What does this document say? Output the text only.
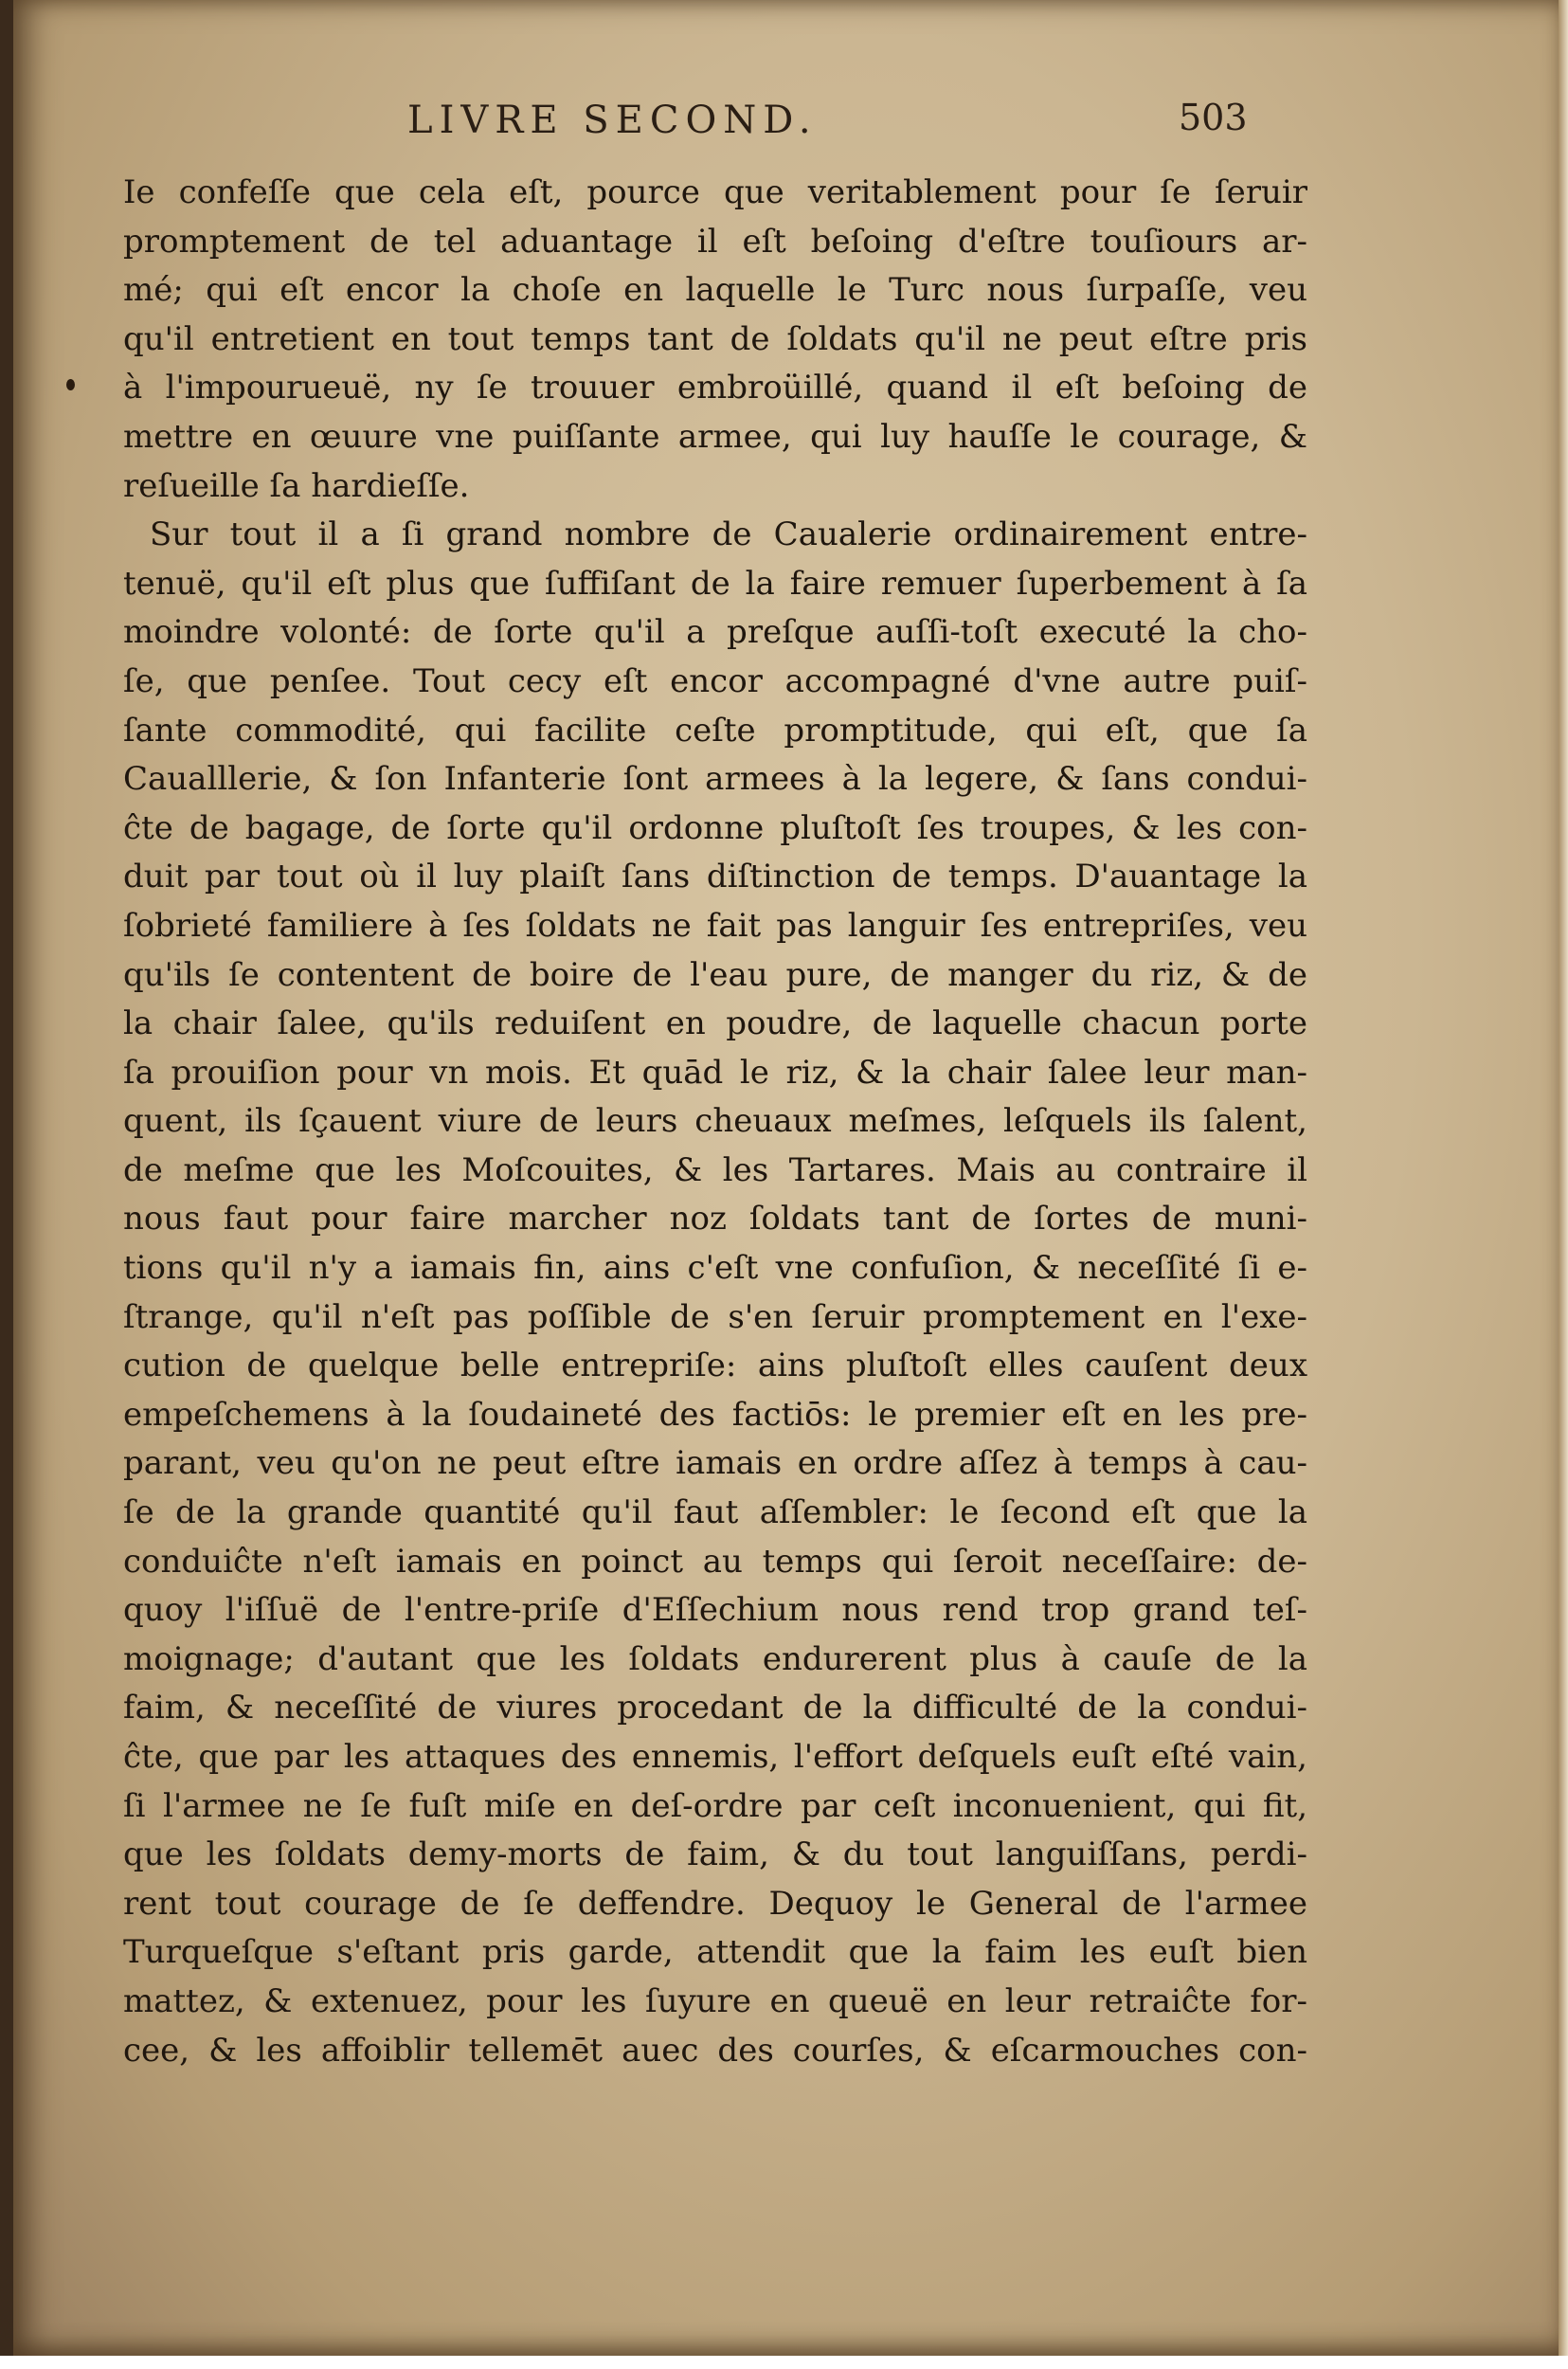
LIVRE SECOND.	503
Ie confeſſe que cela eſt, pource que veritablement pour ſe ſeruir
promptement de tel aduantage il eſt beſoing d'eſtre touſiours ar-
mé; qui eſt encor la choſe en laquelle le Turc nous ſurpaſſe, veu
qu'il entretient en tout temps tant de ſoldats qu'il ne peut eſtre pris
à l'impourueuë, ny ſe trouuer embroüillé, quand il eſt beſoing de
mettre en œuure vne puiſſante armee, qui luy hauſſe le courage, &
reſueille ſa hardieſſe.
Sur tout il a ſi grand nombre de Caualerie ordinairement entre-
tenuë, qu'il eſt plus que ſuffiſant de la faire remuer ſuperbement à ſa
moindre volonté: de ſorte qu'il a preſque auſſi-toſt executé la cho-
ſe, que penſee. Tout cecy eſt encor accompagné d'vne autre puiſ-
ſante commodité, qui facilite ceſte promptitude, qui eſt, que ſa
Caualllerie, & ſon Infanterie ſont armees à la legere, & ſans condui-
ĉte de bagage, de ſorte qu'il ordonne pluſtoſt ſes troupes, & les con-
duit par tout où il luy plaiſt ſans diſtinction de temps. D'auantage la
ſobrieté familiere à ſes ſoldats ne fait pas languir ſes entrepriſes, veu
qu'ils ſe contentent de boire de l'eau pure, de manger du riz, & de
la chair ſalee, qu'ils reduiſent en poudre, de laquelle chacun porte
ſa prouiſion pour vn mois. Et quād le riz, & la chair ſalee leur man-
quent, ils ſçauent viure de leurs cheuaux meſmes, leſquels ils ſalent,
de meſme que les Moſcouites, & les Tartares. Mais au contraire il
nous faut pour faire marcher noz ſoldats tant de ſortes de muni-
tions qu'il n'y a iamais fin, ains c'eſt vne confuſion, & neceſſité ſi e-
ſtrange, qu'il n'eſt pas poſſible de s'en ſeruir promptement en l'exe-
cution de quelque belle entrepriſe: ains pluſtoſt elles cauſent deux
empeſchemens à la ſoudaineté des factiōs: le premier eſt en les pre-
parant, veu qu'on ne peut eſtre iamais en ordre aſſez à temps à cau-
ſe de la grande quantité qu'il faut aſſembler: le ſecond eſt que la
conduiĉte n'eſt iamais en poinct au temps qui ſeroit neceſſaire: de-
quoy l'iſſuë de l'entre-priſe d'Eſſechium nous rend trop grand teſ-
moignage; d'autant que les ſoldats endurerent plus à cauſe de la
faim, & neceſſité de viures procedant de la difficulté de la condui-
ĉte, que par les attaques des ennemis, l'effort deſquels euſt eſté vain,
ſi l'armee ne ſe fuſt miſe en deſ-ordre par ceſt inconuenient, qui fit,
que les ſoldats demy-morts de faim, & du tout languiſſans, perdi-
rent tout courage de ſe deffendre. Dequoy le General de l'armee
Turqueſque s'eſtant pris garde, attendit que la faim les euſt bien
mattez, & extenuez, pour les ſuyure en queuë en leur retraiĉte for-
cee, & les affoiblir tellemēt auec des courſes, & eſcarmouches con-
